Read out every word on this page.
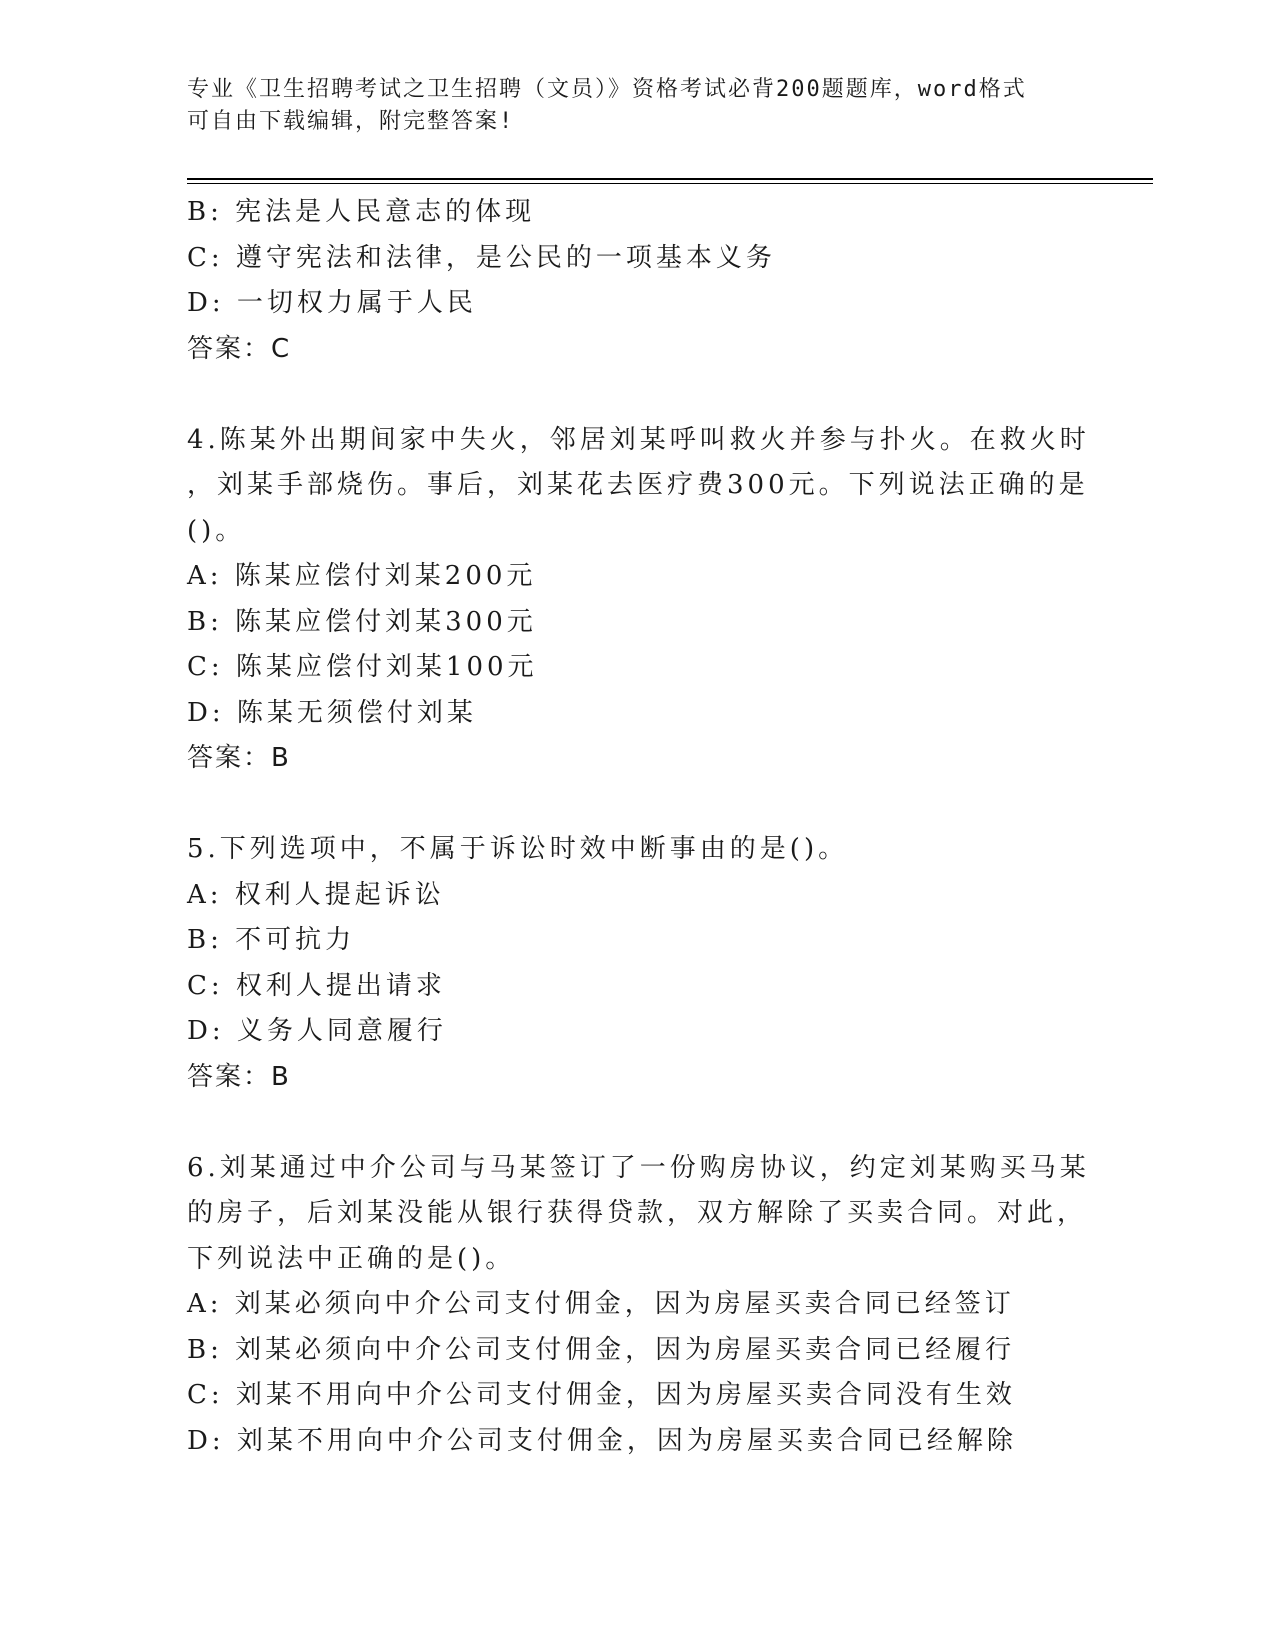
专业《卫生招聘考试之卫生招聘（文员）》资格考试必背200题题库，word格式
可自由下载编辑，附完整答案!
B: 宪法是人民意志的体现
C: 遵守宪法和法律，是公民的一项基本义务
D: 一切权力属于人民
答案：C
4.陈某外出期间家中失火，邻居刘某呼叫救火并参与扑火。在救火时
，刘某手部烧伤。事后，刘某花去医疗费300元。下列说法正确的是
()。
A: 陈某应偿付刘某200元
B: 陈某应偿付刘某300元
C: 陈某应偿付刘某100元
D: 陈某无须偿付刘某
答案：B
5.下列选项中，不属于诉讼时效中断事由的是()。
A: 权利人提起诉讼
B: 不可抗力
C: 权利人提出请求
D: 义务人同意履行
答案：B
6.刘某通过中介公司与马某签订了一份购房协议，约定刘某购买马某
的房子，后刘某没能从银行获得贷款，双方解除了买卖合同。对此，
下列说法中正确的是()。
A: 刘某必须向中介公司支付佣金，因为房屋买卖合同已经签订
B: 刘某必须向中介公司支付佣金，因为房屋买卖合同已经履行
C: 刘某不用向中介公司支付佣金，因为房屋买卖合同没有生效
D: 刘某不用向中介公司支付佣金，因为房屋买卖合同已经解除
